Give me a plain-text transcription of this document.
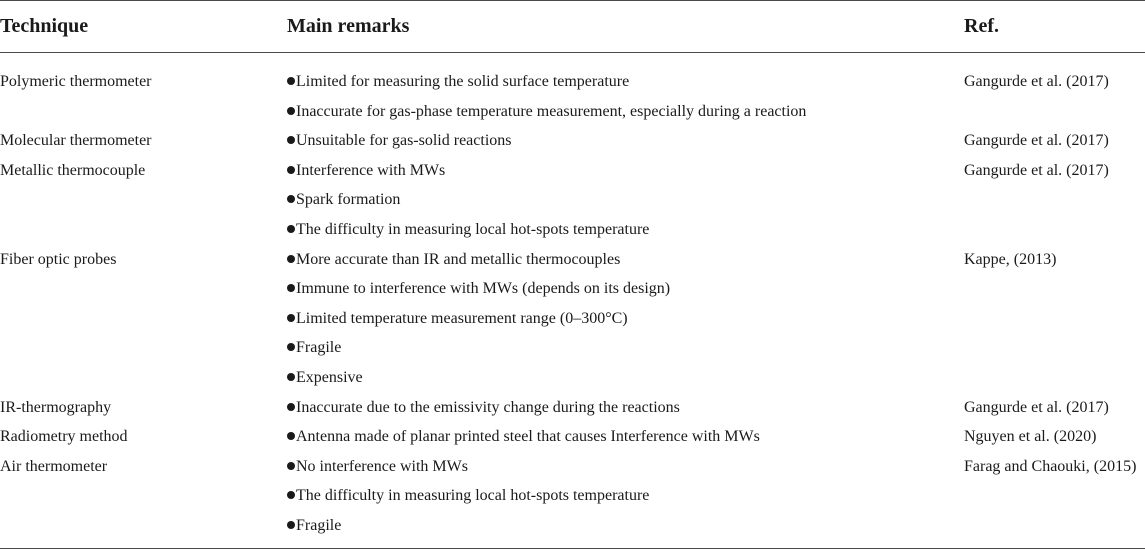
Technique	Main remarks	Ref.
Polymeric thermometer	Limited for measuring the solid surface temperature	Gangurde et al. (2017)
Inaccurate for gas-phase temperature measurement, especially during a reaction
Molecular thermometer	Unsuitable for gas-solid reactions	Gangurde et al. (2017)
Metallic thermocouple	Interference with MWs	Gangurde et al. (2017)
Spark formation
The difficulty in measuring local hot-spots temperature
Fiber optic probes	More accurate than IR and metallic thermocouples	Kappe, (2013)
Immune to interference with MWs (depends on its design)
Limited temperature measurement range (0–300°C)
Fragile
Expensive
IR-thermography	Inaccurate due to the emissivity change during the reactions	Gangurde et al. (2017)
Radiometry method	Antenna made of planar printed steel that causes Interference with MWs	Nguyen et al. (2020)
Air thermometer	No interference with MWs	Farag and Chaouki, (2015)
The difficulty in measuring local hot-spots temperature
Fragile
